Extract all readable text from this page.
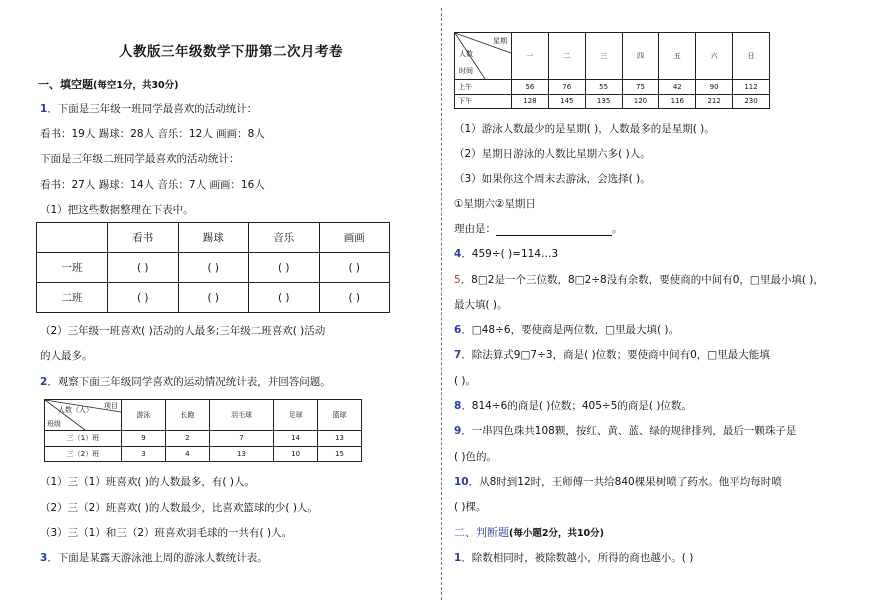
人教版三年级数学下册第二次月考卷
一、填空题(每空1分，共30分)
1．下面是三年级一班同学最喜欢的活动统计：
看书：19人 踢球：28人 音乐：12人 画画：8人
下面是三年级二班同学最喜欢的活动统计：
看书：27人 踢球：14人 音乐：7人 画画：16人
（1）把这些数据整理在下表中。
	看书	踢球	音乐	画画
一班	( )	( )	( )	( )
二班	( )	( )	( )	( )
（2）三年级一班喜欢( )活动的人最多;三年级二班喜欢( )活动
的人最多。
2．观察下面三年级同学喜欢的运动情况统计表，并回答问题。
项目
人数（人）
班级	游泳	长跑	羽毛球	足球	篮球
三（1）班	9	2	7	14	13
三（2）班	3	4	13	10	15
（1）三（1）班喜欢( )的人数最多，有( )人。
（2）三（2）班喜欢( )的人数最少，比喜欢篮球的少( )人。
（3）三（1）和三（2）班喜欢羽毛球的一共有( )人。
3．下面是某露天游泳池上周的游泳人数统计表。
星期
人数
时间	一	二	三	四	五	六	日
上午	56	76	55	75	42	90	112
下午	128	145	135	120	116	212	230
（1）游泳人数最少的是星期( )，人数最多的是星期( )。
（2）星期日游泳的人数比星期六多( )人。
（3）如果你这个周末去游泳，会选择( )。
①星期六②星期日
理由是：	。
4．459÷( )=114…3
5．8□2是一个三位数，8□2÷8没有余数，要使商的中间有0，□里最小填( )，
最大填( )。
6．□48÷6，要使商是两位数，□里最大填( )。
7．除法算式9□7÷3，商是( )位数；要使商中间有0，□里最大能填
( )。
8．814÷6的商是( )位数；405÷5的商是( )位数。
9．一串四色珠共108颗，按红、黄、蓝、绿的规律排列，最后一颗珠子是
( )色的。
10．从8时到12时，王师傅一共给840棵果树喷了药水。他平均每时喷
( )棵。
二、判断题(每小题2分，共10分)
1．除数相同时，被除数越小，所得的商也越小。( )
